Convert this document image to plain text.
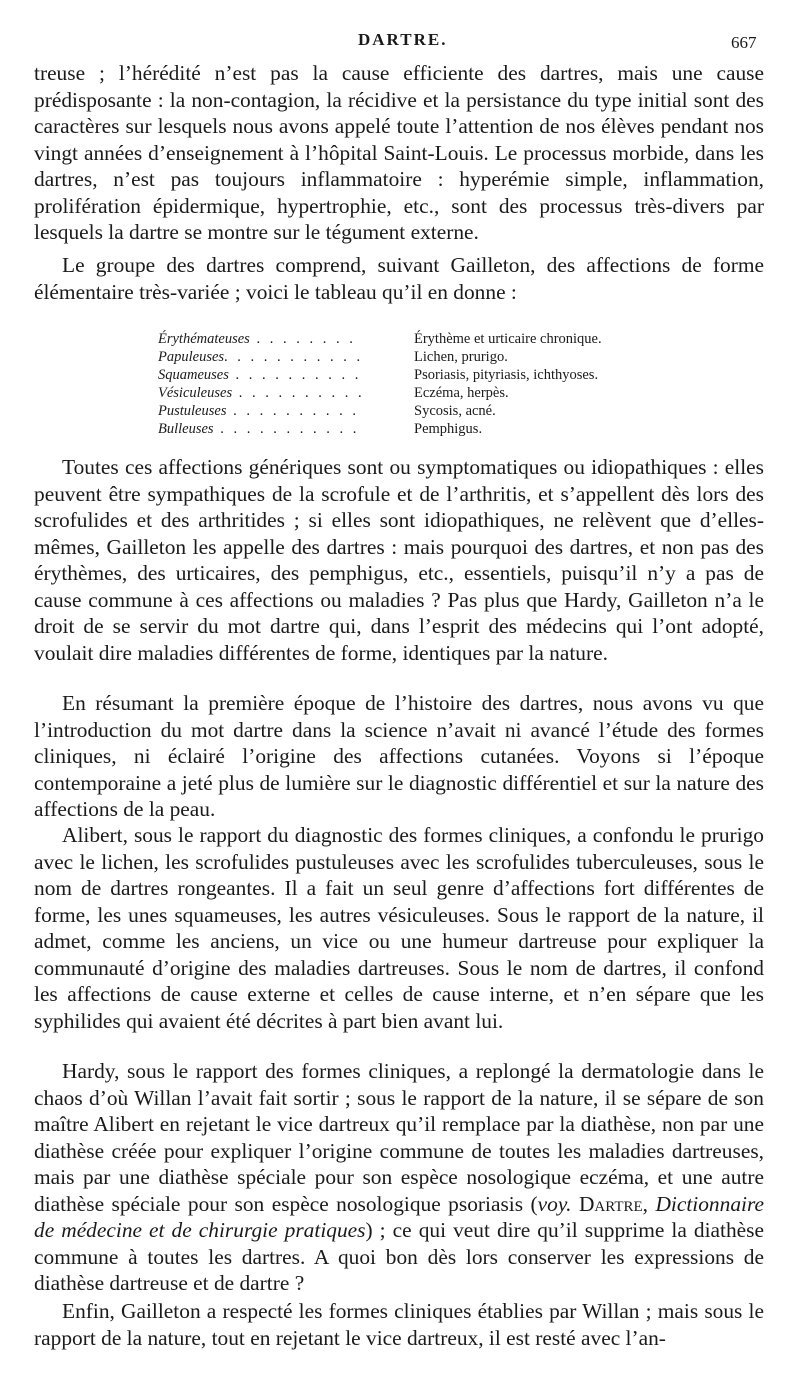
DARTRE.	667

treuse ; l’hérédité n’est pas la cause efficiente des dartres, mais une cause prédisposante : la non-contagion, la récidive et la persistance du type initial sont des caractères sur lesquels nous avons appelé toute l’attention de nos élèves pendant nos vingt années d’enseignement à l’hôpital Saint-Louis. Le processus morbide, dans les dartres, n’est pas toujours inflammatoire : hyperémie simple, inflammation, prolifération épidermique, hypertrophie, etc., sont des processus très-divers par lesquels la dartre se montre sur le tégument externe.

Le groupe des dartres comprend, suivant Gailleton, des affections de forme élémentaire très-variée ; voici le tableau qu’il en donne :

Érythémateuses . . . . . . . .	Érythème et urticaire chronique.
Papuleuses. . . . . . . . . . .	Lichen, prurigo.
Squameuses . . . . . . . . . .	Psoriasis, pityriasis, ichthyoses.
Vésiculeuses . . . . . . . . . .	Eczéma, herpès.
Pustuleuses . . . . . . . . . .	Sycosis, acné.
Bulleuses . . . . . . . . . . .	Pemphigus.

Toutes ces affections génériques sont ou symptomatiques ou idiopathiques : elles peuvent être sympathiques de la scrofule et de l’arthritis, et s’appellent dès lors des scrofulides et des arthritides ; si elles sont idiopathiques, ne relèvent que d’elles-mêmes, Gailleton les appelle des dartres : mais pourquoi des dartres, et non pas des érythèmes, des urticaires, des pemphigus, etc., essentiels, puisqu’il n’y a pas de cause commune à ces affections ou maladies ? Pas plus que Hardy, Gailleton n’a le droit de se servir du mot dartre qui, dans l’esprit des médecins qui l’ont adopté, voulait dire maladies différentes de forme, identiques par la nature.

En résumant la première époque de l’histoire des dartres, nous avons vu que l’introduction du mot dartre dans la science n’avait ni avancé l’étude des formes cliniques, ni éclairé l’origine des affections cutanées. Voyons si l’époque contemporaine a jeté plus de lumière sur le diagnostic différentiel et sur la nature des affections de la peau.

Alibert, sous le rapport du diagnostic des formes cliniques, a confondu le prurigo avec le lichen, les scrofulides pustuleuses avec les scrofulides tuberculeuses, sous le nom de dartres rongeantes. Il a fait un seul genre d’affections fort différentes de forme, les unes squameuses, les autres vésiculeuses. Sous le rapport de la nature, il admet, comme les anciens, un vice ou une humeur dartreuse pour expliquer la communauté d’origine des maladies dartreuses. Sous le nom de dartres, il confond les affections de cause externe et celles de cause interne, et n’en sépare que les syphilides qui avaient été décrites à part bien avant lui.

Hardy, sous le rapport des formes cliniques, a replongé la dermatologie dans le chaos d’où Willan l’avait fait sortir ; sous le rapport de la nature, il se sépare de son maître Alibert en rejetant le vice dartreux qu’il remplace par la diathèse, non par une diathèse créée pour expliquer l’origine commune de toutes les maladies dartreuses, mais par une diathèse spéciale pour son espèce nosologique eczéma, et une autre diathèse spéciale pour son espèce nosologique psoriasis (voy. Dartre, Dictionnaire de médecine et de chirurgie pratiques) ; ce qui veut dire qu’il supprime la diathèse commune à toutes les dartres. A quoi bon dès lors conserver les expressions de diathèse dartreuse et de dartre ?

Enfin, Gailleton a respecté les formes cliniques établies par Willan ; mais sous le rapport de la nature, tout en rejetant le vice dartreux, il est resté avec l’an-
